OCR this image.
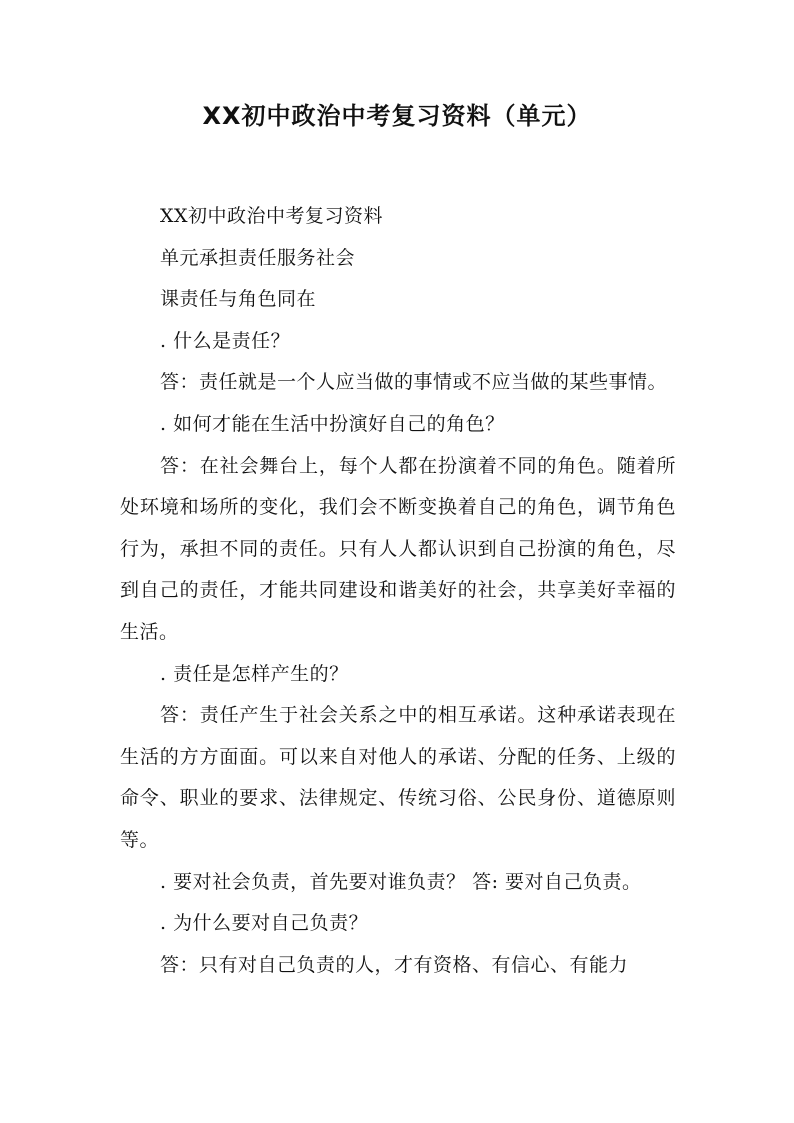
XX初中政治中考复习资料（单元）

XX初中政治中考复习资料

单元承担责任服务社会

课责任与角色同在

. 什么是责任？

答：责任就是一个人应当做的事情或不应当做的某些事情。

. 如何才能在生活中扮演好自己的角色？

答：在社会舞台上，每个人都在扮演着不同的角色。随着所处环境和场所的变化，我们会不断变换着自己的角色，调节角色行为，承担不同的责任。只有人人都认识到自己扮演的角色，尽到自己的责任，才能共同建设和谐美好的社会，共享美好幸福的生活。

. 责任是怎样产生的？

答：责任产生于社会关系之中的相互承诺。这种承诺表现在生活的方方面面。可以来自对他人的承诺、分配的任务、上级的命令、职业的要求、法律规定、传统习俗、公民身份、道德原则等。

. 要对社会负责，首先要对谁负责？ 答: 要对自己负责。

. 为什么要对自己负责？

答：只有对自己负责的人，才有资格、有信心、有能力
